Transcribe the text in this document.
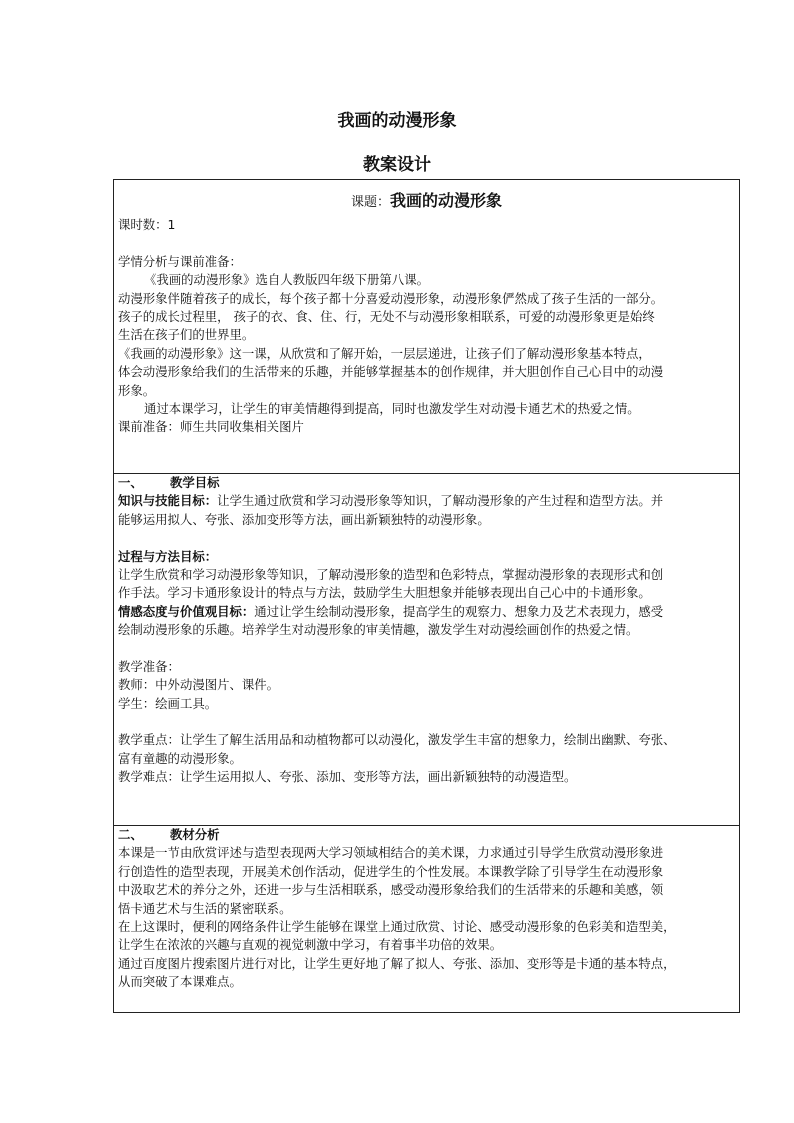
我画的动漫形象
教案设计
课题：我画的动漫形象
课时数：1
学情分析与课前准备：
《我画的动漫形象》选自人教版四年级下册第八课。
动漫形象伴随着孩子的成长，每个孩子都十分喜爱动漫形象，动漫形象俨然成了孩子生活的一部分。
孩子的成长过程里， 孩子的衣、食、住、行，无处不与动漫形象相联系，可爱的动漫形象更是始终
生活在孩子们的世界里。
《我画的动漫形象》这一课，从欣赏和了解开始，一层层递进，让孩子们了解动漫形象基本特点，
体会动漫形象给我们的生活带来的乐趣，并能够掌握基本的创作规律，并大胆创作自己心目中的动漫
形象。
通过本课学习，让学生的审美情趣得到提高，同时也激发学生对动漫卡通艺术的热爱之情。
课前准备：师生共同收集相关图片
一、 教学目标
知识与技能目标：让学生通过欣赏和学习动漫形象等知识，了解动漫形象的产生过程和造型方法。并
能够运用拟人、夸张、添加变形等方法，画出新颖独特的动漫形象。
过程与方法目标：
让学生欣赏和学习动漫形象等知识，了解动漫形象的造型和色彩特点，掌握动漫形象的表现形式和创
作手法。学习卡通形象设计的特点与方法，鼓励学生大胆想象并能够表现出自己心中的卡通形象。
情感态度与价值观目标：通过让学生绘制动漫形象，提高学生的观察力、想象力及艺术表现力，感受
绘制动漫形象的乐趣。培养学生对动漫形象的审美情趣，激发学生对动漫绘画创作的热爱之情。
教学准备：
教师：中外动漫图片、课件。
学生：绘画工具。
教学重点：让学生了解生活用品和动植物都可以动漫化，激发学生丰富的想象力，绘制出幽默、夸张、
富有童趣的动漫形象。
教学难点：让学生运用拟人、夸张、添加、变形等方法，画出新颖独特的动漫造型。
二、 教材分析
本课是一节由欣赏评述与造型表现两大学习领域相结合的美术课，力求通过引导学生欣赏动漫形象进
行创造性的造型表现，开展美术创作活动，促进学生的个性发展。本课教学除了引导学生在动漫形象
中汲取艺术的养分之外，还进一步与生活相联系，感受动漫形象给我们的生活带来的乐趣和美感，领
悟卡通艺术与生活的紧密联系。
在上这课时，便利的网络条件让学生能够在课堂上通过欣赏、讨论、感受动漫形象的色彩美和造型美，
让学生在浓浓的兴趣与直观的视觉刺激中学习，有着事半功倍的效果。
通过百度图片搜索图片进行对比，让学生更好地了解了拟人、夸张、添加、变形等是卡通的基本特点，
从而突破了本课难点。
